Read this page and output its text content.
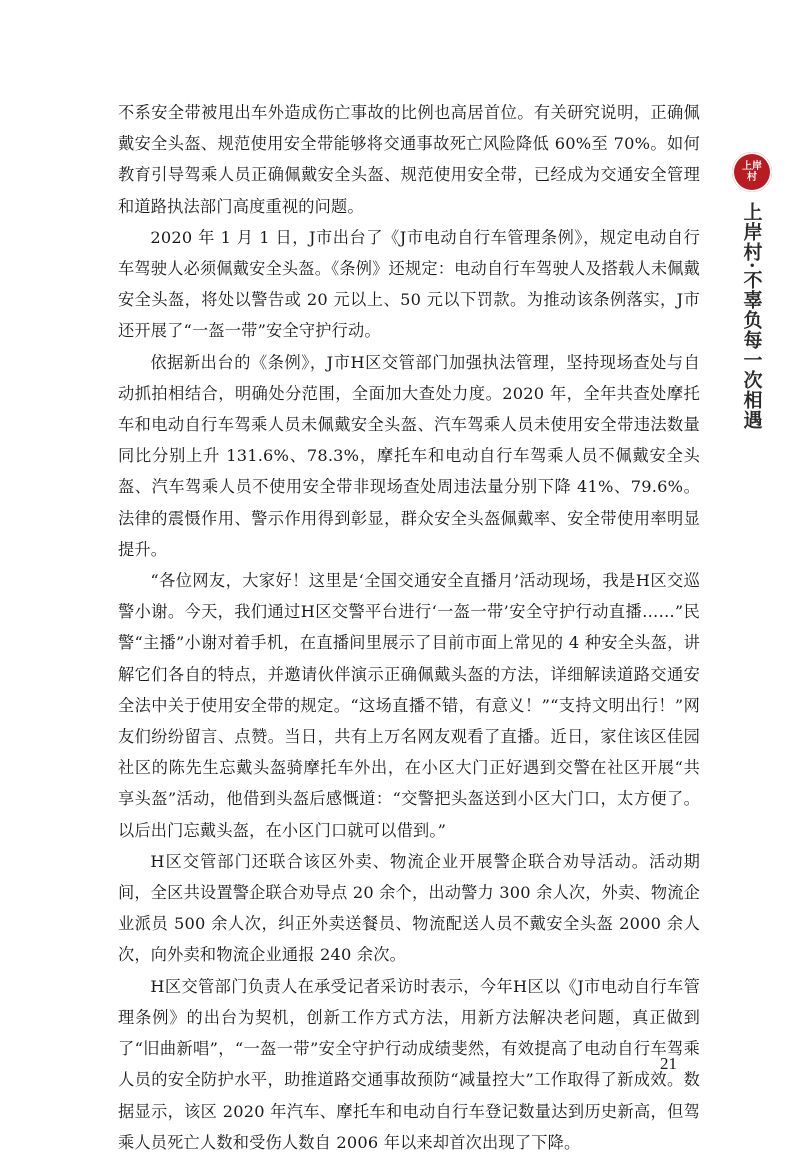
不系安全带被甩出车外造成伤亡事故的比例也高居首位。有关研究说明，正确佩戴安全头盔、规范使用安全带能够将交通事故死亡风险降低 60%至 70%。如何教育引导驾乘人员正确佩戴安全头盔、规范使用安全带，已经成为交通安全管理和道路执法部门高度重视的问题。

2020 年 1 月 1 日，J市出台了《J市电动自行车管理条例》，规定电动自行车驾驶人必须佩戴安全头盔。《条例》还规定：电动自行车驾驶人及搭载人未佩戴安全头盔，将处以警告或 20 元以上、50 元以下罚款。为推动该条例落实，J市还开展了“一盔一带”安全守护行动。

依据新出台的《条例》，J市H区交管部门加强执法管理，坚持现场查处与自动抓拍相结合，明确处分范围，全面加大查处力度。2020 年，全年共查处摩托车和电动自行车驾乘人员未佩戴安全头盔、汽车驾乘人员未使用安全带违法数量同比分别上升 131.6%、78.3%，摩托车和电动自行车驾乘人员不佩戴安全头盔、汽车驾乘人员不使用安全带非现场查处周违法量分别下降 41%、79.6%。法律的震慑作用、警示作用得到彰显，群众安全头盔佩戴率、安全带使用率明显提升。

“各位网友，大家好！这里是‘全国交通安全直播月’活动现场，我是H区交巡警小谢。今天，我们通过H区交警平台进行‘一盔一带’安全守护行动直播……”民警“主播”小谢对着手机，在直播间里展示了目前市面上常见的 4 种安全头盔，讲解它们各自的特点，并邀请伙伴演示正确佩戴头盔的方法，详细解读道路交通安全法中关于使用安全带的规定。“这场直播不错，有意义！”“支持文明出行！”网友们纷纷留言、点赞。当日，共有上万名网友观看了直播。近日，家住该区佳园社区的陈先生忘戴头盔骑摩托车外出，在小区大门正好遇到交警在社区开展“共享头盔”活动，他借到头盔后感慨道：“交警把头盔送到小区大门口，太方便了。以后出门忘戴头盔，在小区门口就可以借到。”

H区交管部门还联合该区外卖、物流企业开展警企联合劝导活动。活动期间，全区共设置警企联合劝导点 20 余个，出动警力 300 余人次，外卖、物流企业派员 500 余人次，纠正外卖送餐员、物流配送人员不戴安全头盔 2000 余人次，向外卖和物流企业通报 240 余次。

H区交管部门负责人在承受记者采访时表示，今年H区以《J市电动自行车管理条例》的出台为契机，创新工作方式方法，用新方法解决老问题，真正做到了“旧曲新唱”，“一盔一带”安全守护行动成绩斐然，有效提高了电动自行车驾乘人员的安全防护水平，助推道路交通事故预防“减量控大”工作取得了新成效。数据显示，该区 2020 年汽车、摩托车和电动自行车登记数量达到历史新高，但驾乘人员死亡人数和受伤人数自 2006 年以来却首次出现了下降。

上岸村
上岸村·不辜负每一次相遇
21
